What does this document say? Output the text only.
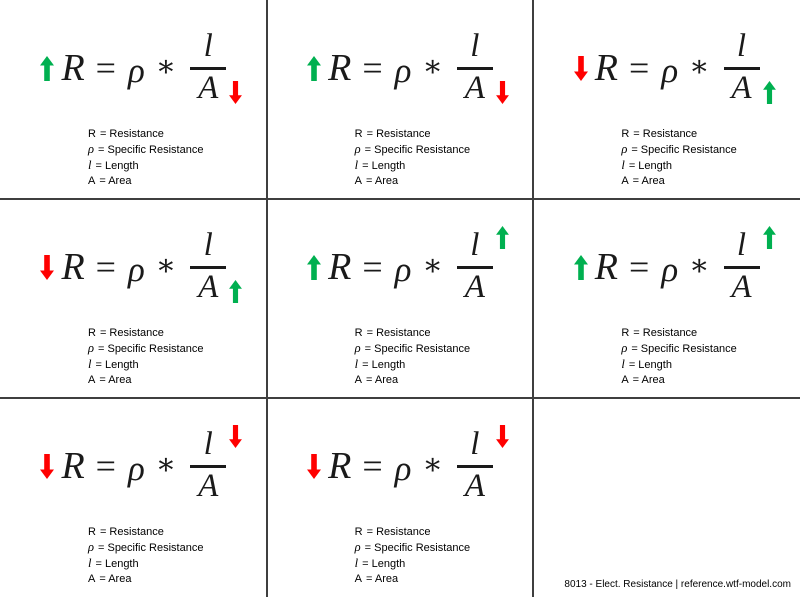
R = ρ ∗ $\frac{l}{A}$
R = Resistance
ρ = Specific Resistance
l = Length
A = Area
R = ρ ∗ $\frac{l}{A}$
R = Resistance
ρ = Specific Resistance
l = Length
A = Area
R = ρ ∗ $\frac{l}{A}$
R = Resistance
ρ = Specific Resistance
l = Length
A = Area
R = ρ ∗ $\frac{l}{A}$
R = Resistance
ρ = Specific Resistance
l = Length
A = Area
R = ρ ∗ $\frac{l}{A}$
R = Resistance
ρ = Specific Resistance
l = Length
A = Area
R = ρ ∗ $\frac{l}{A}$
R = Resistance
ρ = Specific Resistance
l = Length
A = Area
R = ρ ∗ $\frac{l}{A}$
R = Resistance
ρ = Specific Resistance
l = Length
A = Area
R = ρ ∗ $\frac{l}{A}$
R = Resistance
ρ = Specific Resistance
l = Length
A = Area	8013 - Elect. Resistance | reference.wtf-model.com
